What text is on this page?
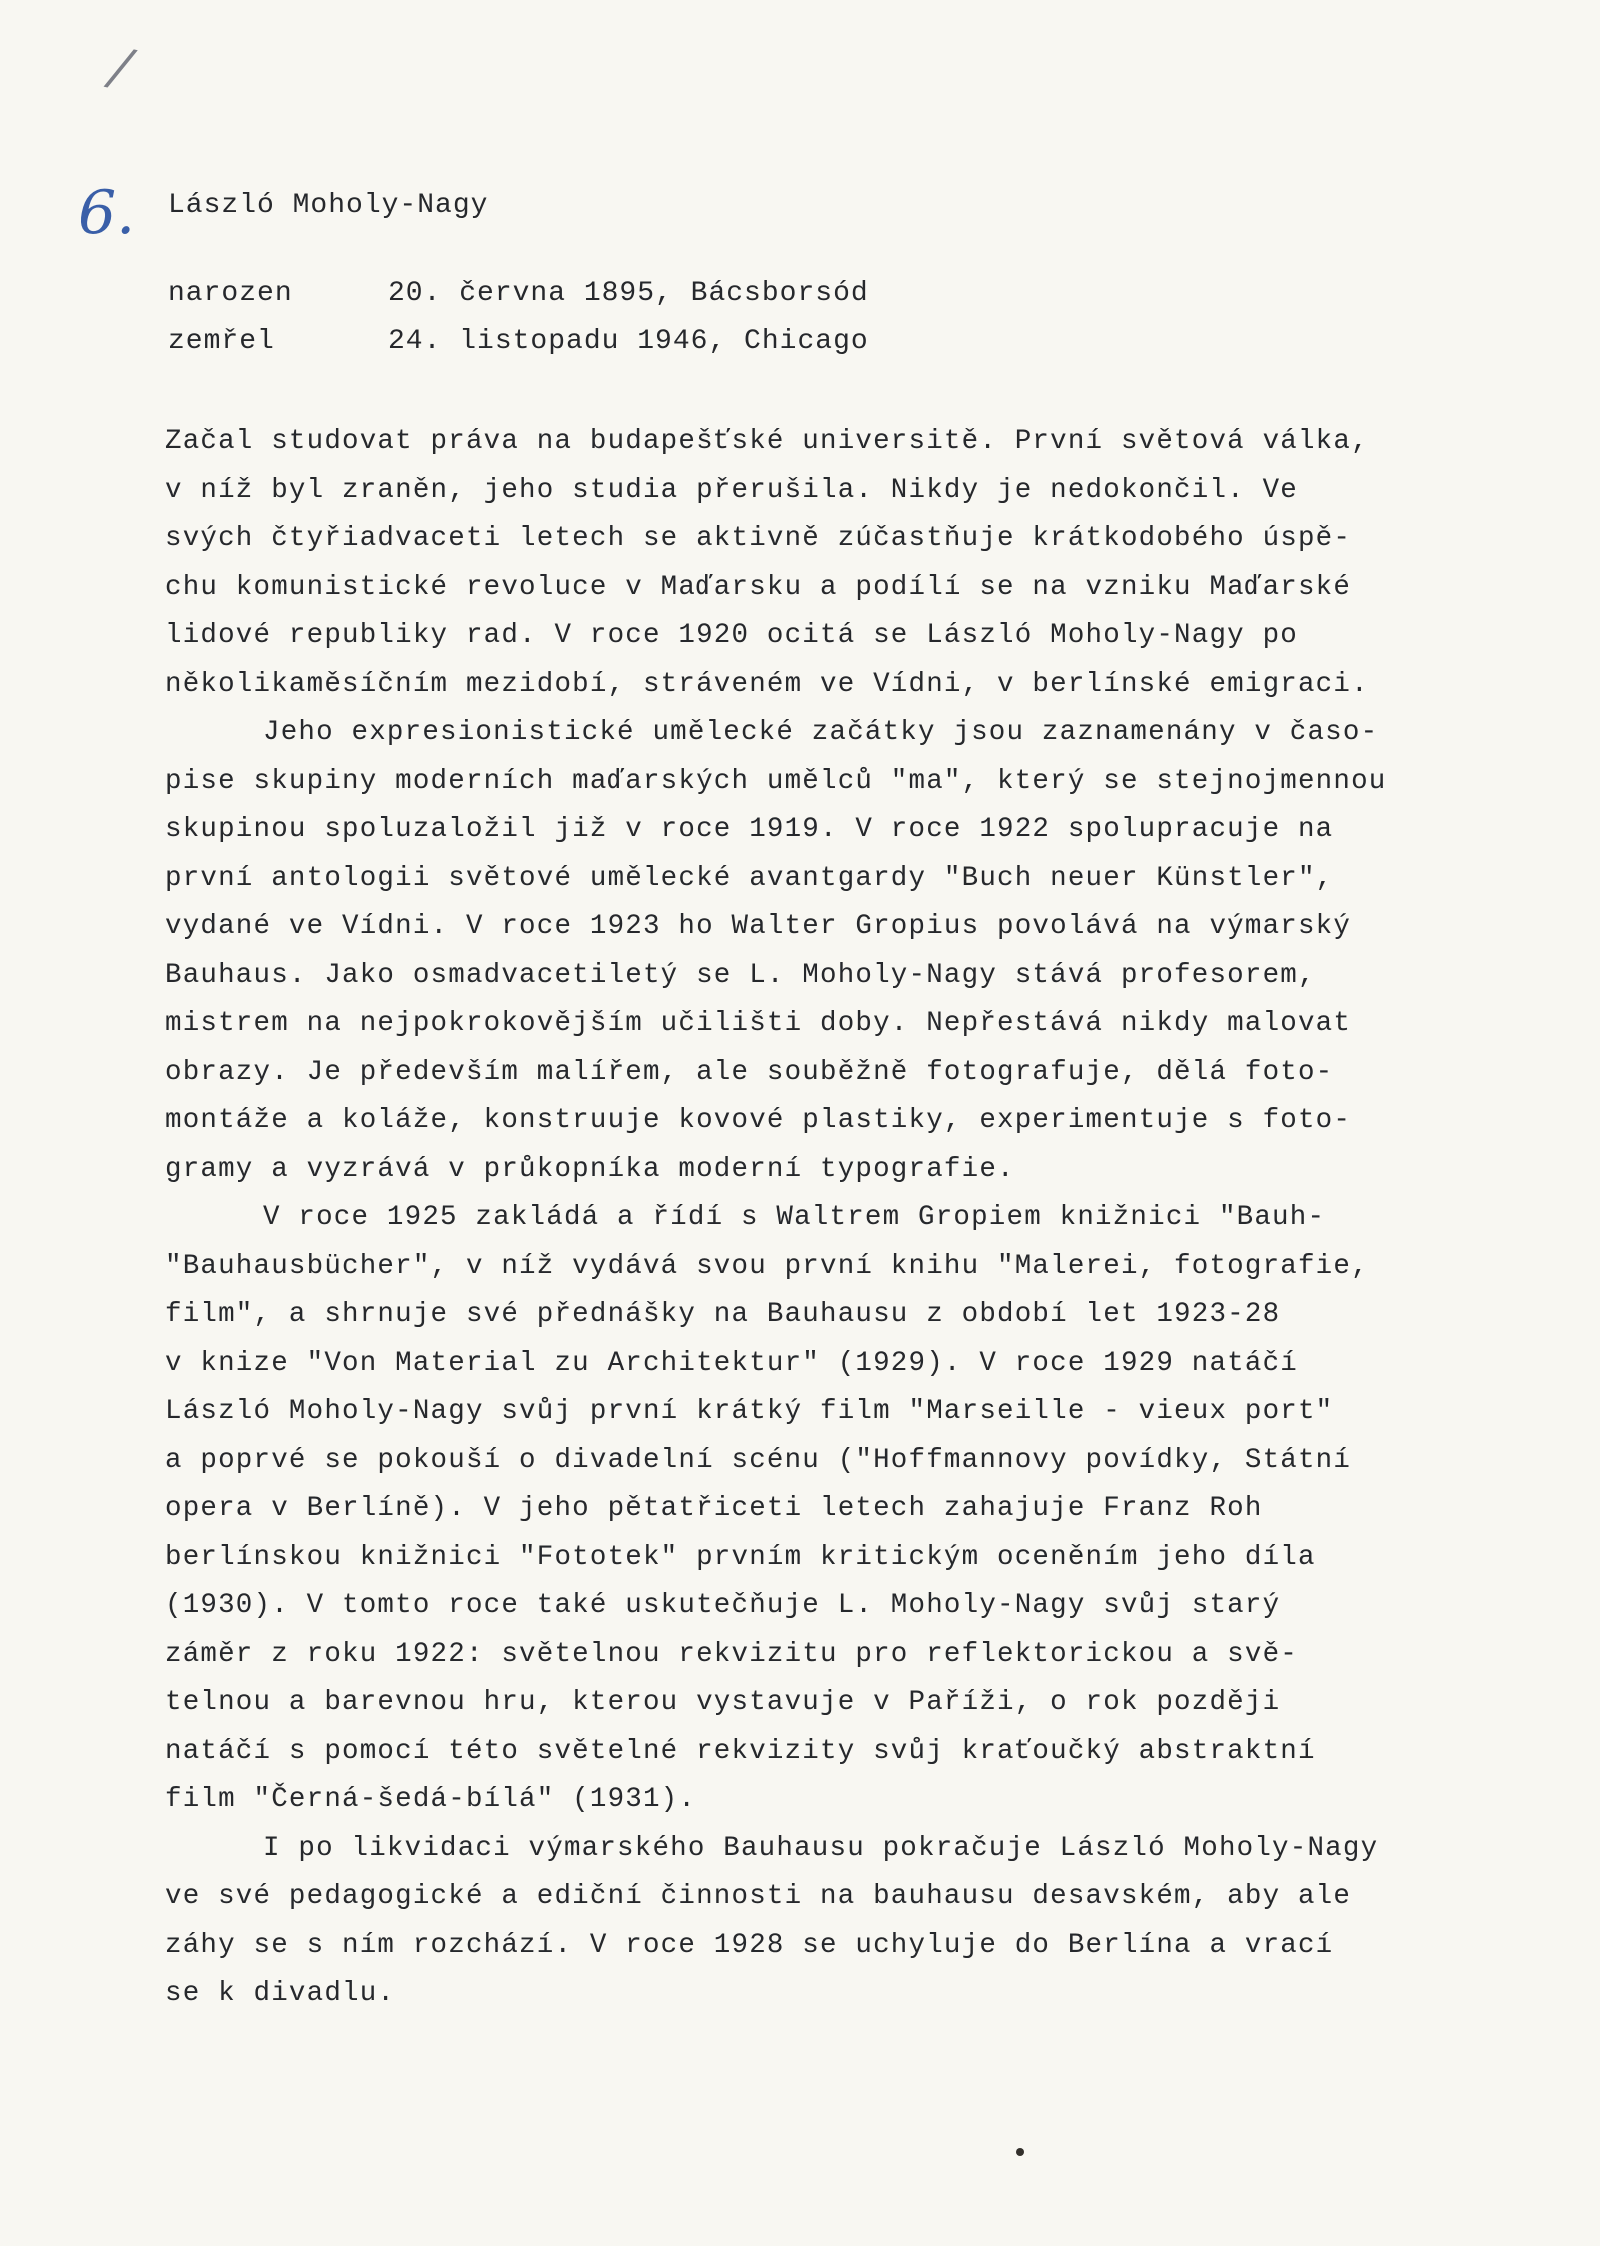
/
6. László Moholy-Nagy
narozen	20. června 1895, Bácsborsód
zemřel	24. listopadu 1946, Chicago
Začal studovat práva na budapešťské universitě. První světová válka,
v níž byl zraněn, jeho studia přerušila. Nikdy je nedokončil. Ve
svých čtyřiadvaceti letech se aktivně zúčastňuje krátkodobého úspě-
chu komunistické revoluce v Maďarsku a podílí se na vzniku Maďarské
lidové republiky rad. V roce 1920 ocitá se László Moholy-Nagy po
několikaměsíčním mezidobí, stráveném ve Vídni, v berlínské emigraci.
Jeho expresionistické umělecké začátky jsou zaznamenány v časo-
pise skupiny moderních maďarských umělců "ma", který se stejnojmennou
skupinou spoluzaložil již v roce 1919. V roce 1922 spolupracuje na
první antologii světové umělecké avantgardy "Buch neuer Künstler",
vydané ve Vídni. V roce 1923 ho Walter Gropius povolává na výmarský
Bauhaus. Jako osmadvacetiletý se L. Moholy-Nagy stává profesorem,
mistrem na nejpokrokovějším učilišti doby. Nepřestává nikdy malovat
obrazy. Je především malířem, ale souběžně fotografuje, dělá foto-
montáže a koláže, konstruuje kovové plastiky, experimentuje s foto-
gramy a vyzrává v průkopníka moderní typografie.
V roce 1925 zakládá a řídí s Waltrem Gropiem knižnici "Bauh-
"Bauhausbücher", v níž vydává svou první knihu "Malerei, fotografie,
film", a shrnuje své přednášky na Bauhausu z období let 1923-28
v knize "Von Material zu Architektur" (1929). V roce 1929 natáčí
László Moholy-Nagy svůj první krátký film "Marseille - vieux port"
a poprvé se pokouší o divadelní scénu ("Hoffmannovy povídky, Státní
opera v Berlíně). V jeho pětatřiceti letech zahajuje Franz Roh
berlínskou knižnici "Fototek" prvním kritickým oceněním jeho díla
(1930). V tomto roce také uskutečňuje L. Moholy-Nagy svůj starý
záměr z roku 1922: světelnou rekvizitu pro reflektorickou a svě-
telnou a barevnou hru, kterou vystavuje v Paříži, o rok později
natáčí s pomocí této světelné rekvizity svůj kraťoučký abstraktní
film "Černá-šedá-bílá" (1931).
I po likvidaci výmarského Bauhausu pokračuje László Moholy-Nagy
ve své pedagogické a ediční činnosti na bauhausu desavském, aby ale
záhy se s ním rozchází. V roce 1928 se uchyluje do Berlína a vrací
se k divadlu.
